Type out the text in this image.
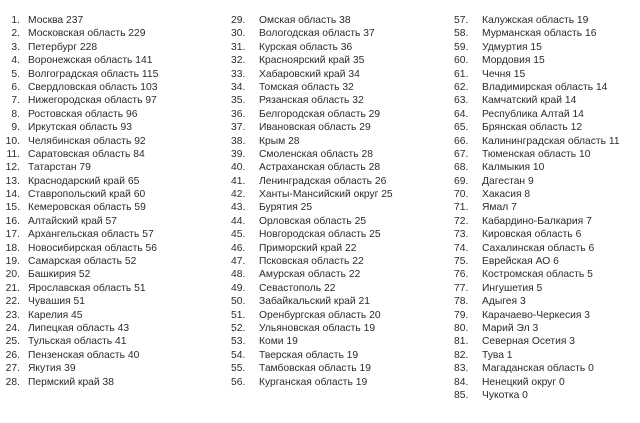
1. Москва 237
2. Московская область 229
3. Петербург 228
4. Воронежская область 141
5. Волгоградская область 115
6. Свердловская область 103
7. Нижегородская область 97
8. Ростовская область 96
9. Иркутская область 93
10. Челябинская область 92
11. Саратовская область 84
12. Татарстан 79
13. Краснодарский край 65
14. Ставропольский край 60
15. Кемеровская область 59
16. Алтайский край 57
17. Архангельская область 57
18. Новосибирская область 56
19. Самарская область 52
20. Башкирия 52
21. Ярославская область 51
22. Чувашия 51
23. Карелия 45
24. Липецкая область 43
25. Тульская область 41
26. Пензенская область 40
27. Якутия 39
28. Пермский край 38
29.	Омская область 38
30.	Вологодская область 37
31.	Курская область 36
32.	Красноярский край 35
33.	Хабаровский край 34
34.	Томская область 32
35.	Рязанская область 32
36.	Белгородская область 29
37.	Ивановская область 29
38.	Крым 28
39.	Смоленская область 28
40.	Астраханская область 28
41.	Ленинградская область 26
42.	Ханты-Мансийский округ 25
43.	Бурятия 25
44.	Орловская область 25
45.	Новгородская область 25
46.	Приморский край 22
47.	Псковская область 22
48.	Амурская область 22
49.	Севастополь 22
50.	Забайкальский край 21
51.	Оренбургская область 20
52.	Ульяновская область 19
53.	Коми 19
54.	Тверская область 19
55.	Тамбовская область 19
56.	Курганская область 19
57.	Калужская область 19
58.	Мурманская область 16
59.	Удмуртия 15
60.	Мордовия 15
61.	Чечня 15
62.	Владимирская область 14
63.	Камчатский край 14
64.	Республика Алтай 14
65.	Брянская область 12
66.	Калининградская область 11
67.	Тюменская область 10
68.	Калмыкия 10
69.	Дагестан 9
70.	Хакасия 8
71.	Ямал 7
72.	Кабардино-Балкария 7
73.	Кировская область 6
74.	Сахалинская область 6
75.	Еврейская АО 6
76.	Костромская область 5
77.	Ингушетия 5
78.	Адыгея 3
79.	Карачаево-Черкесия 3
80.	Марий Эл 3
81.	Северная Осетия 3
82.	Тува 1
83.	Магаданская область 0
84.	Ненецкий округ 0
85.	Чукотка 0
